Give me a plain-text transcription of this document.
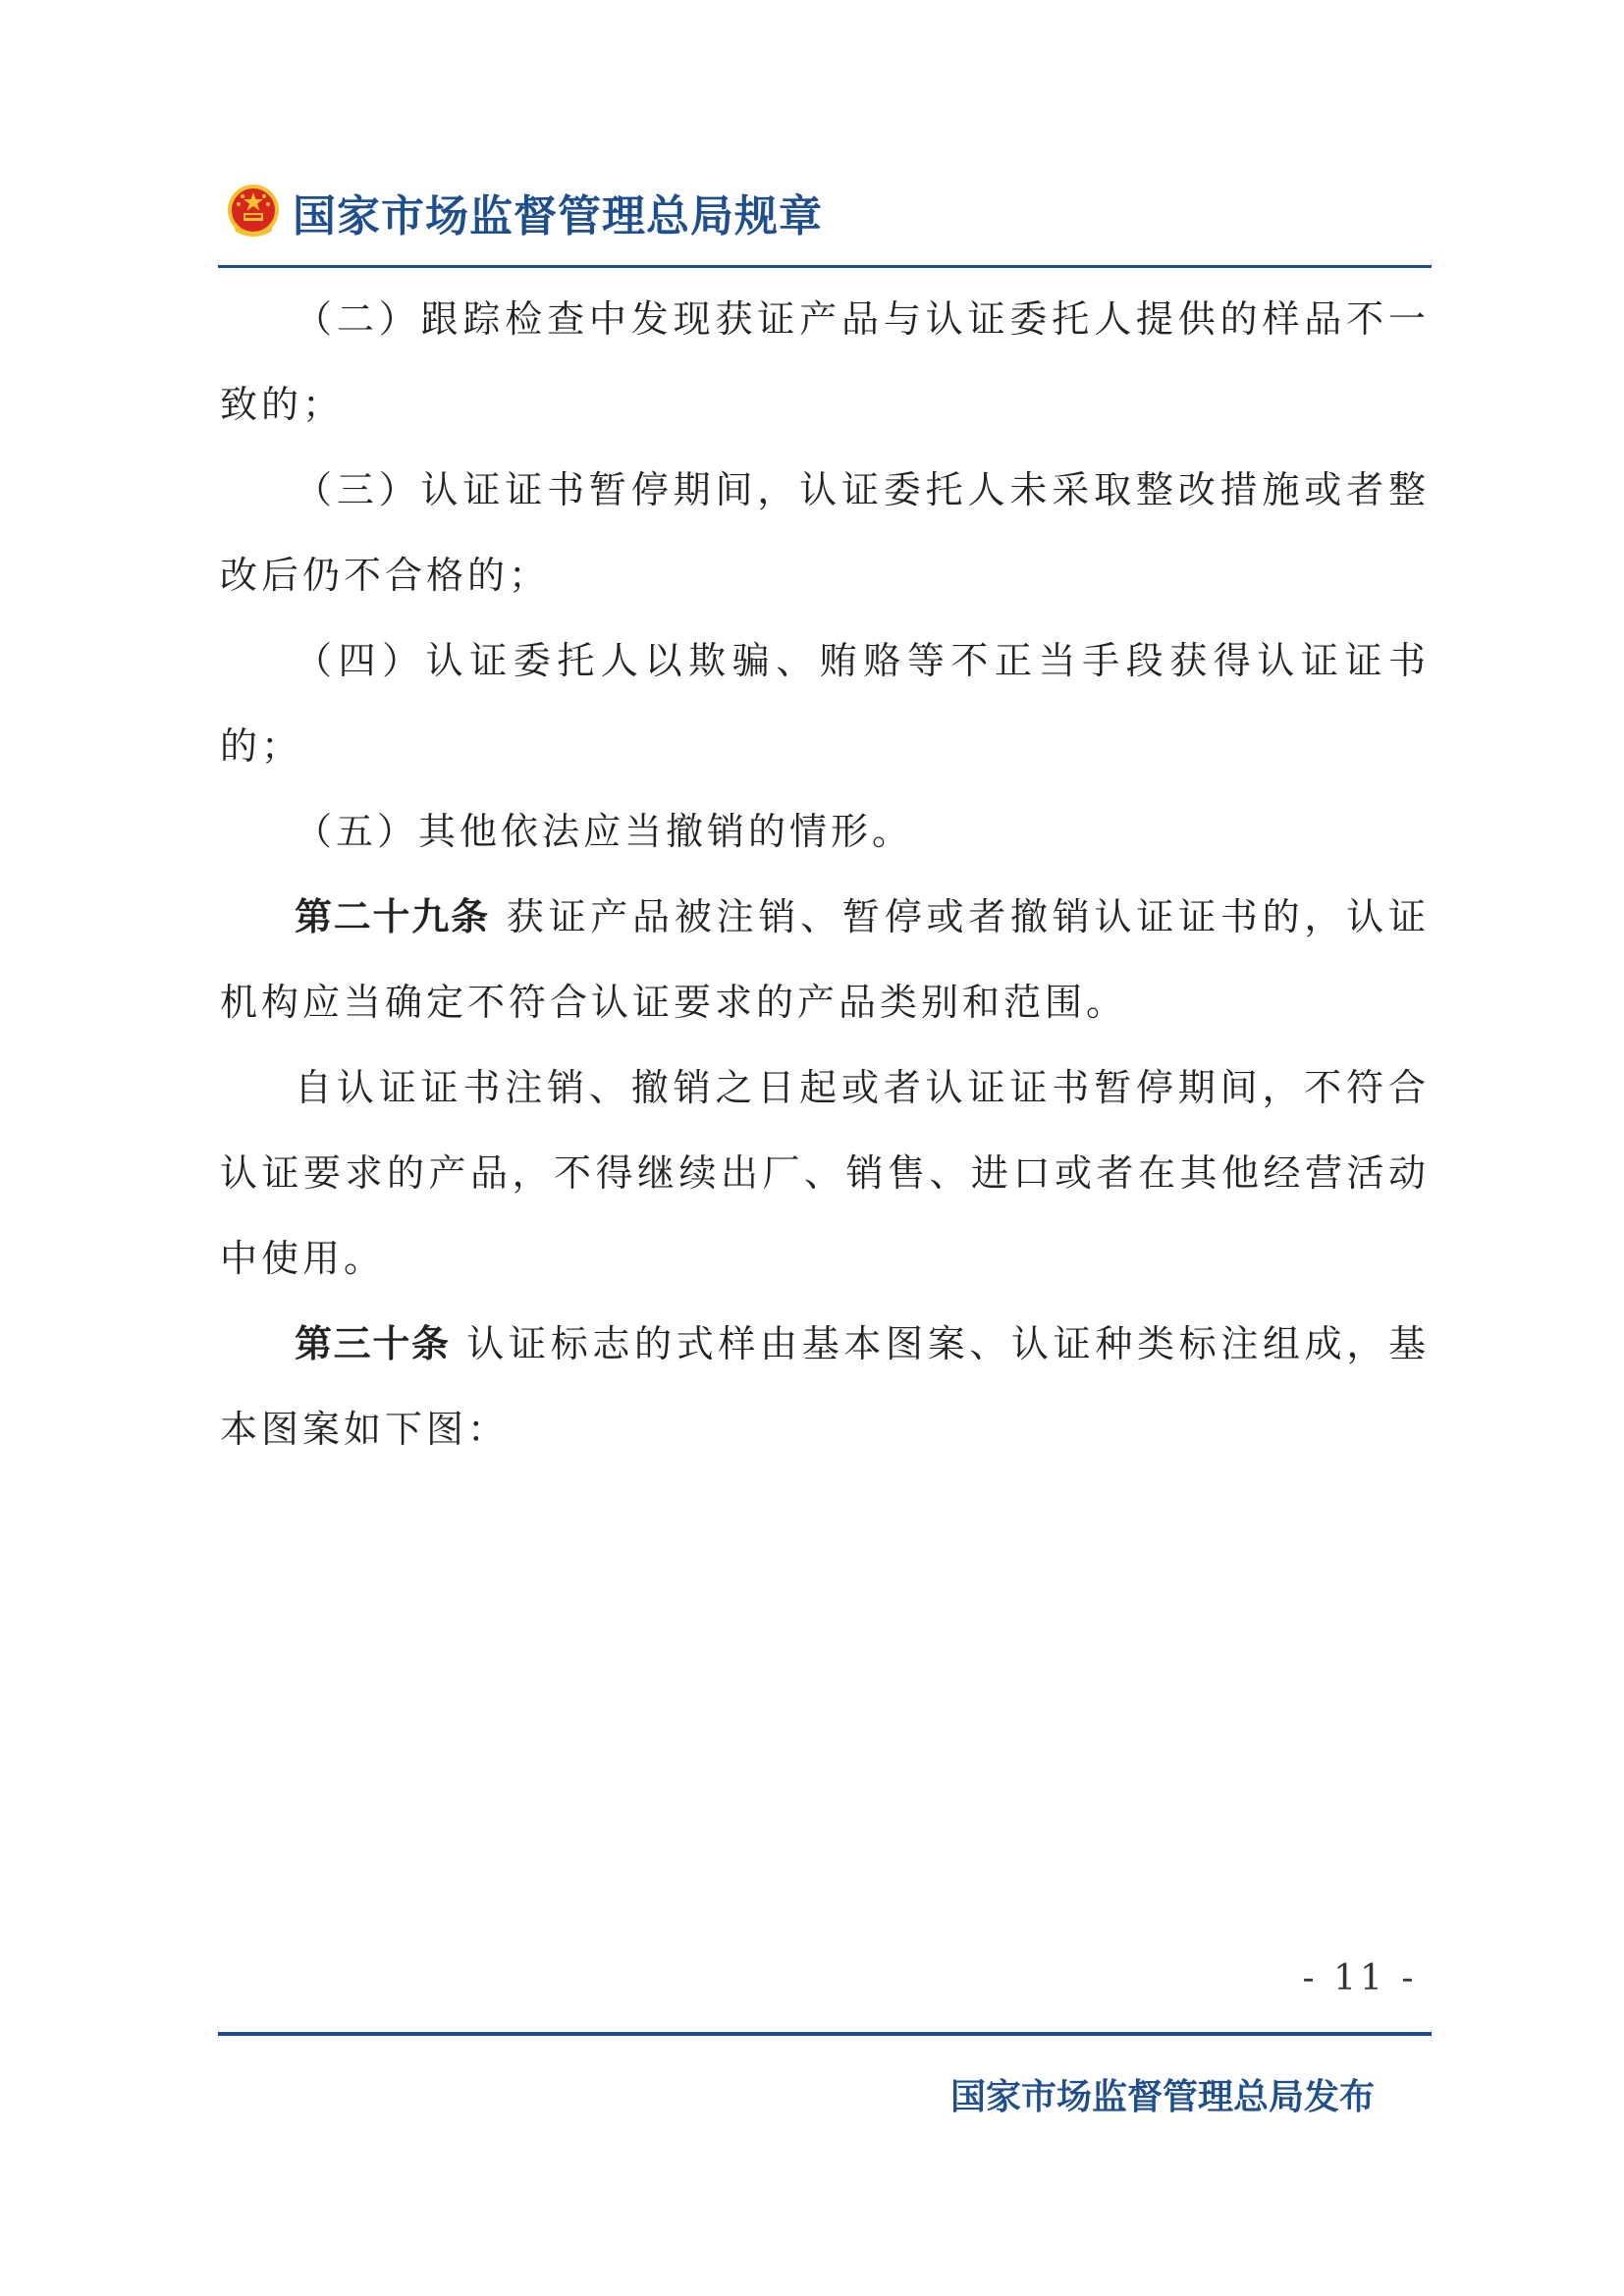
国家市场监督管理总局规章

（二）跟踪检查中发现获证产品与认证委托人提供的样品不一致的；

（三）认证证书暂停期间，认证委托人未采取整改措施或者整改后仍不合格的；

（四）认证委托人以欺骗、贿赂等不正当手段获得认证证书的；

（五）其他依法应当撤销的情形。

第二十九条 获证产品被注销、暂停或者撤销认证证书的，认证机构应当确定不符合认证要求的产品类别和范围。

自认证证书注销、撤销之日起或者认证证书暂停期间，不符合认证要求的产品，不得继续出厂、销售、进口或者在其他经营活动中使用。

第三十条 认证标志的式样由基本图案、认证种类标注组成，基本图案如下图：

- 11 -
国家市场监督管理总局发布
